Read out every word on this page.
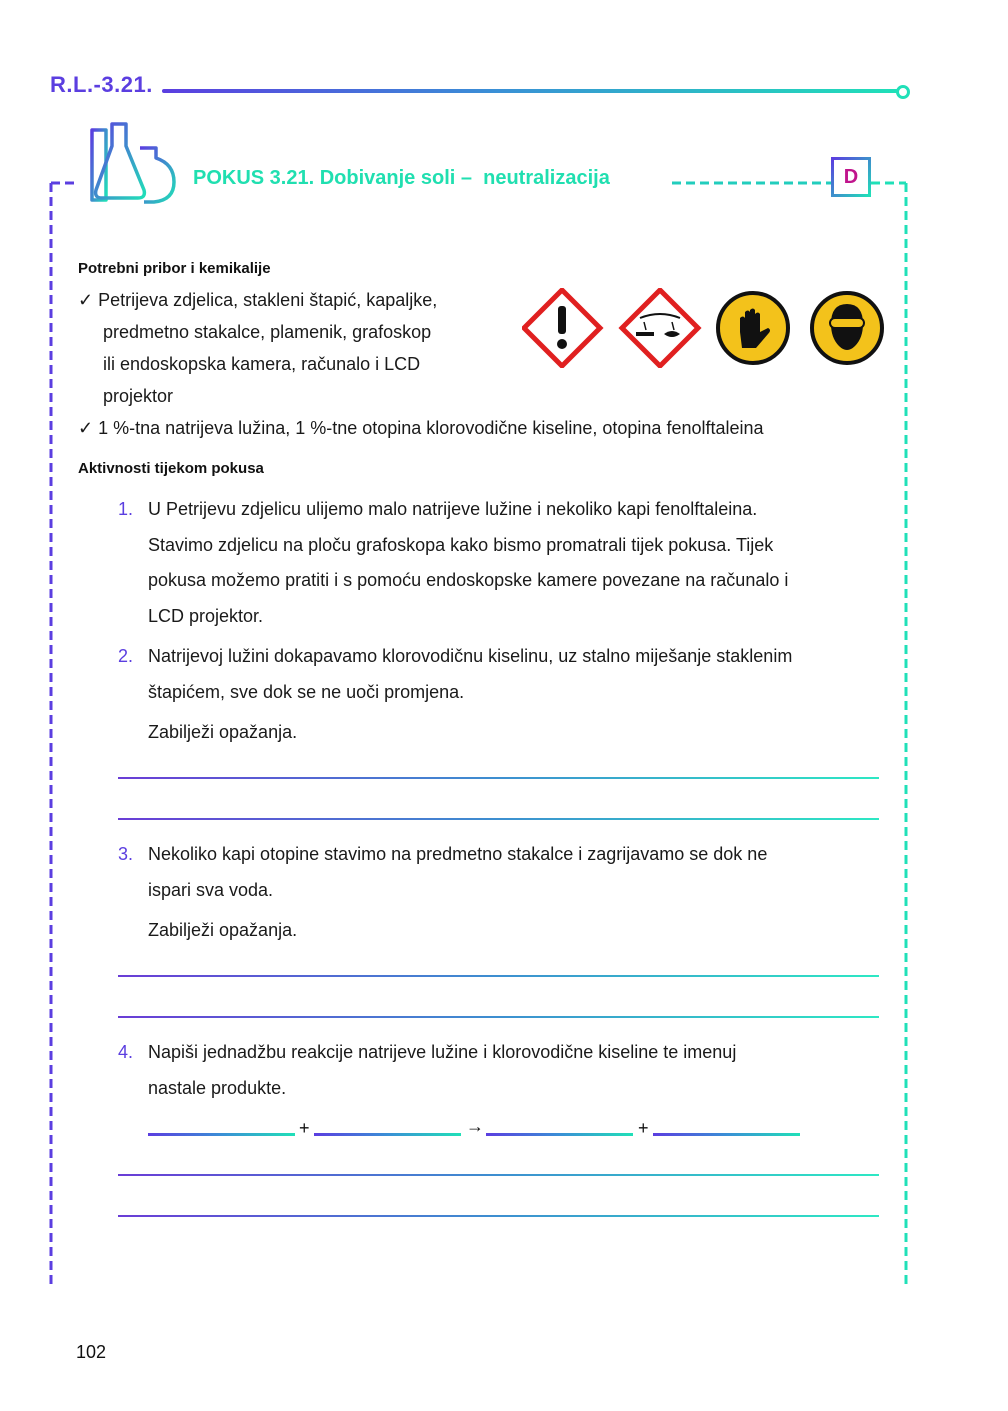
R.L.-3.21.
POKUS 3.21. Dobivanje soli –  neutralizacija	D
Potrebni pribor i kemikalije
✓ Petrijeva zdjelica, stakleni štapić, kapaljke,
predmetno stakalce, plamenik, grafoskop
ili endoskopska kamera, računalo i LCD
projektor
✓ 1 %-tna natrijeva lužina, 1 %-tne otopina klorovodične kiseline, otopina fenolftaleina
Aktivnosti tijekom pokusa
1. U Petrijevu zdjelicu ulijemo malo natrijeve lužine i nekoliko kapi fenolftaleina.
Stavimo zdjelicu na ploču grafoskopa kako bismo promatrali tijek pokusa. Tijek
pokusa možemo pratiti i s pomoću endoskopske kamere povezane na računalo i
LCD projektor.
2. Natrijevoj lužini dokapavamo klorovodičnu kiselinu, uz stalno miješanje staklenim
štapićem, sve dok se ne uoči promjena.
Zabilježi opažanja.
3. Nekoliko kapi otopine stavimo na predmetno stakalce i zagrijavamo se dok ne
ispari sva voda.
Zabilježi opažanja.
4. Napiši jednadžbu reakcije natrijeve lužine i klorovodične kiseline te imenuj
nastale produkte.
+	→	+
102
